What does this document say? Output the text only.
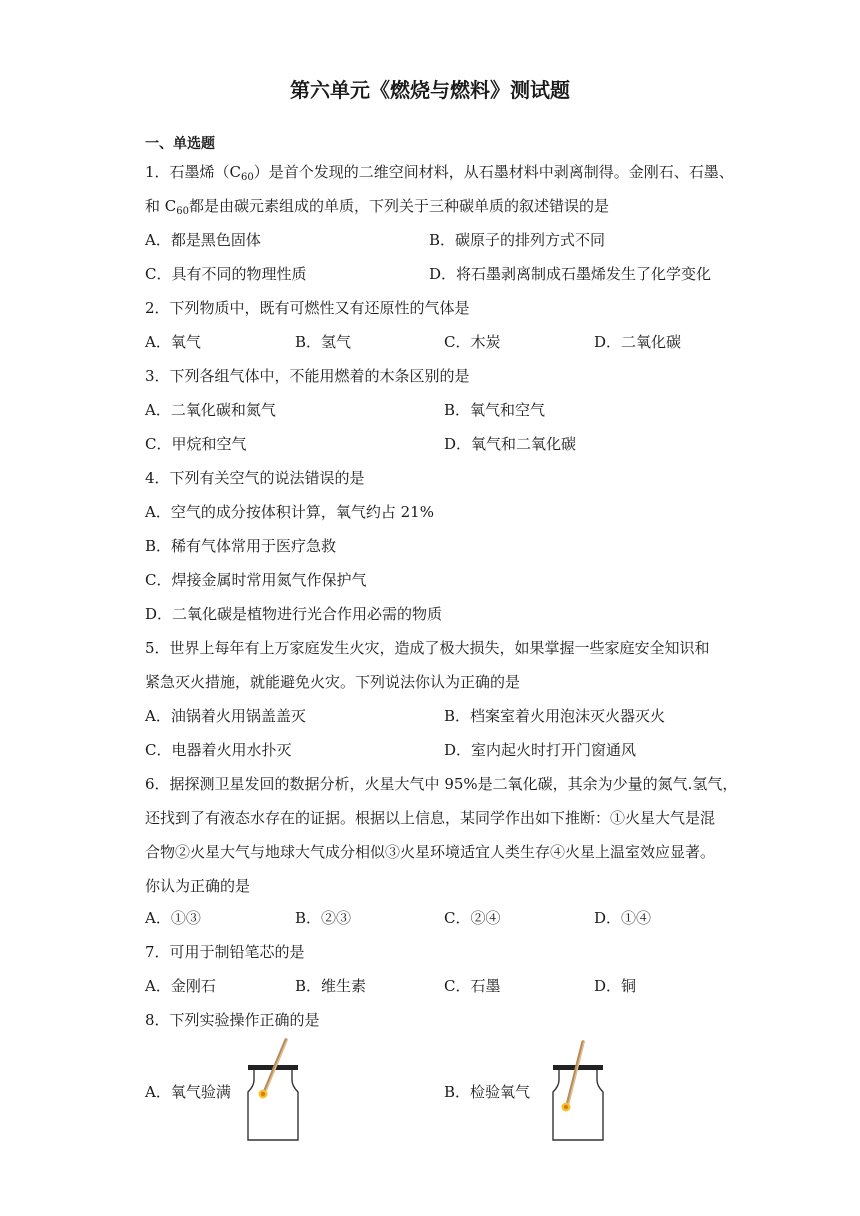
第六单元《燃烧与燃料》测试题
一、单选题
1．石墨烯$(C_{60})$是首个发现的二维空间材料，从石墨材料中剥离制得。金刚石、石墨、
和 $C_{60}$都是由碳元素组成的单质，下列关于三种碳单质的叙述错误的是
A．都是黑色固体	B．碳原子的排列方式不同
C．具有不同的物理性质	D．将石墨剥离制成石墨烯发生了化学变化
2．下列物质中，既有可燃性又有还原性的气体是
A．氧气	B．氢气	C．木炭	D．二氧化碳
3．下列各组气体中，不能用燃着的木条区别的是
A．二氧化碳和氮气	B．氧气和空气
C．甲烷和空气	D．氧气和二氧化碳
4．下列有关空气的说法错误的是
A．空气的成分按体积计算，氧气约占 21%
B．稀有气体常用于医疗急救
C．焊接金属时常用氮气作保护气
D．二氧化碳是植物进行光合作用必需的物质
5．世界上每年有上万家庭发生火灾，造成了极大损失，如果掌握一些家庭安全知识和
紧急灭火措施，就能避免火灾。下列说法你认为正确的是
A．油锅着火用锅盖盖灭	B．档案室着火用泡沫灭火器灭火
C．电器着火用水扑灭	D．室内起火时打开门窗通风
6．据探测卫星发回的数据分析，火星大气中 95%是二氧化碳，其余为少量的氮气.氢气，
还找到了有液态水存在的证据。根据以上信息，某同学作出如下推断：①火星大气是混
合物②火星大气与地球大气成分相似③火星环境适宜人类生存④火星上温室效应显著。
你认为正确的是
A．①③	B．②③	C．②④	D．①④
7．可用于制铅笔芯的是
A．金刚石	B．维生素	C．石墨	D．铜
8．下列实验操作正确的是
A．氧气验满	B．检验氧气
